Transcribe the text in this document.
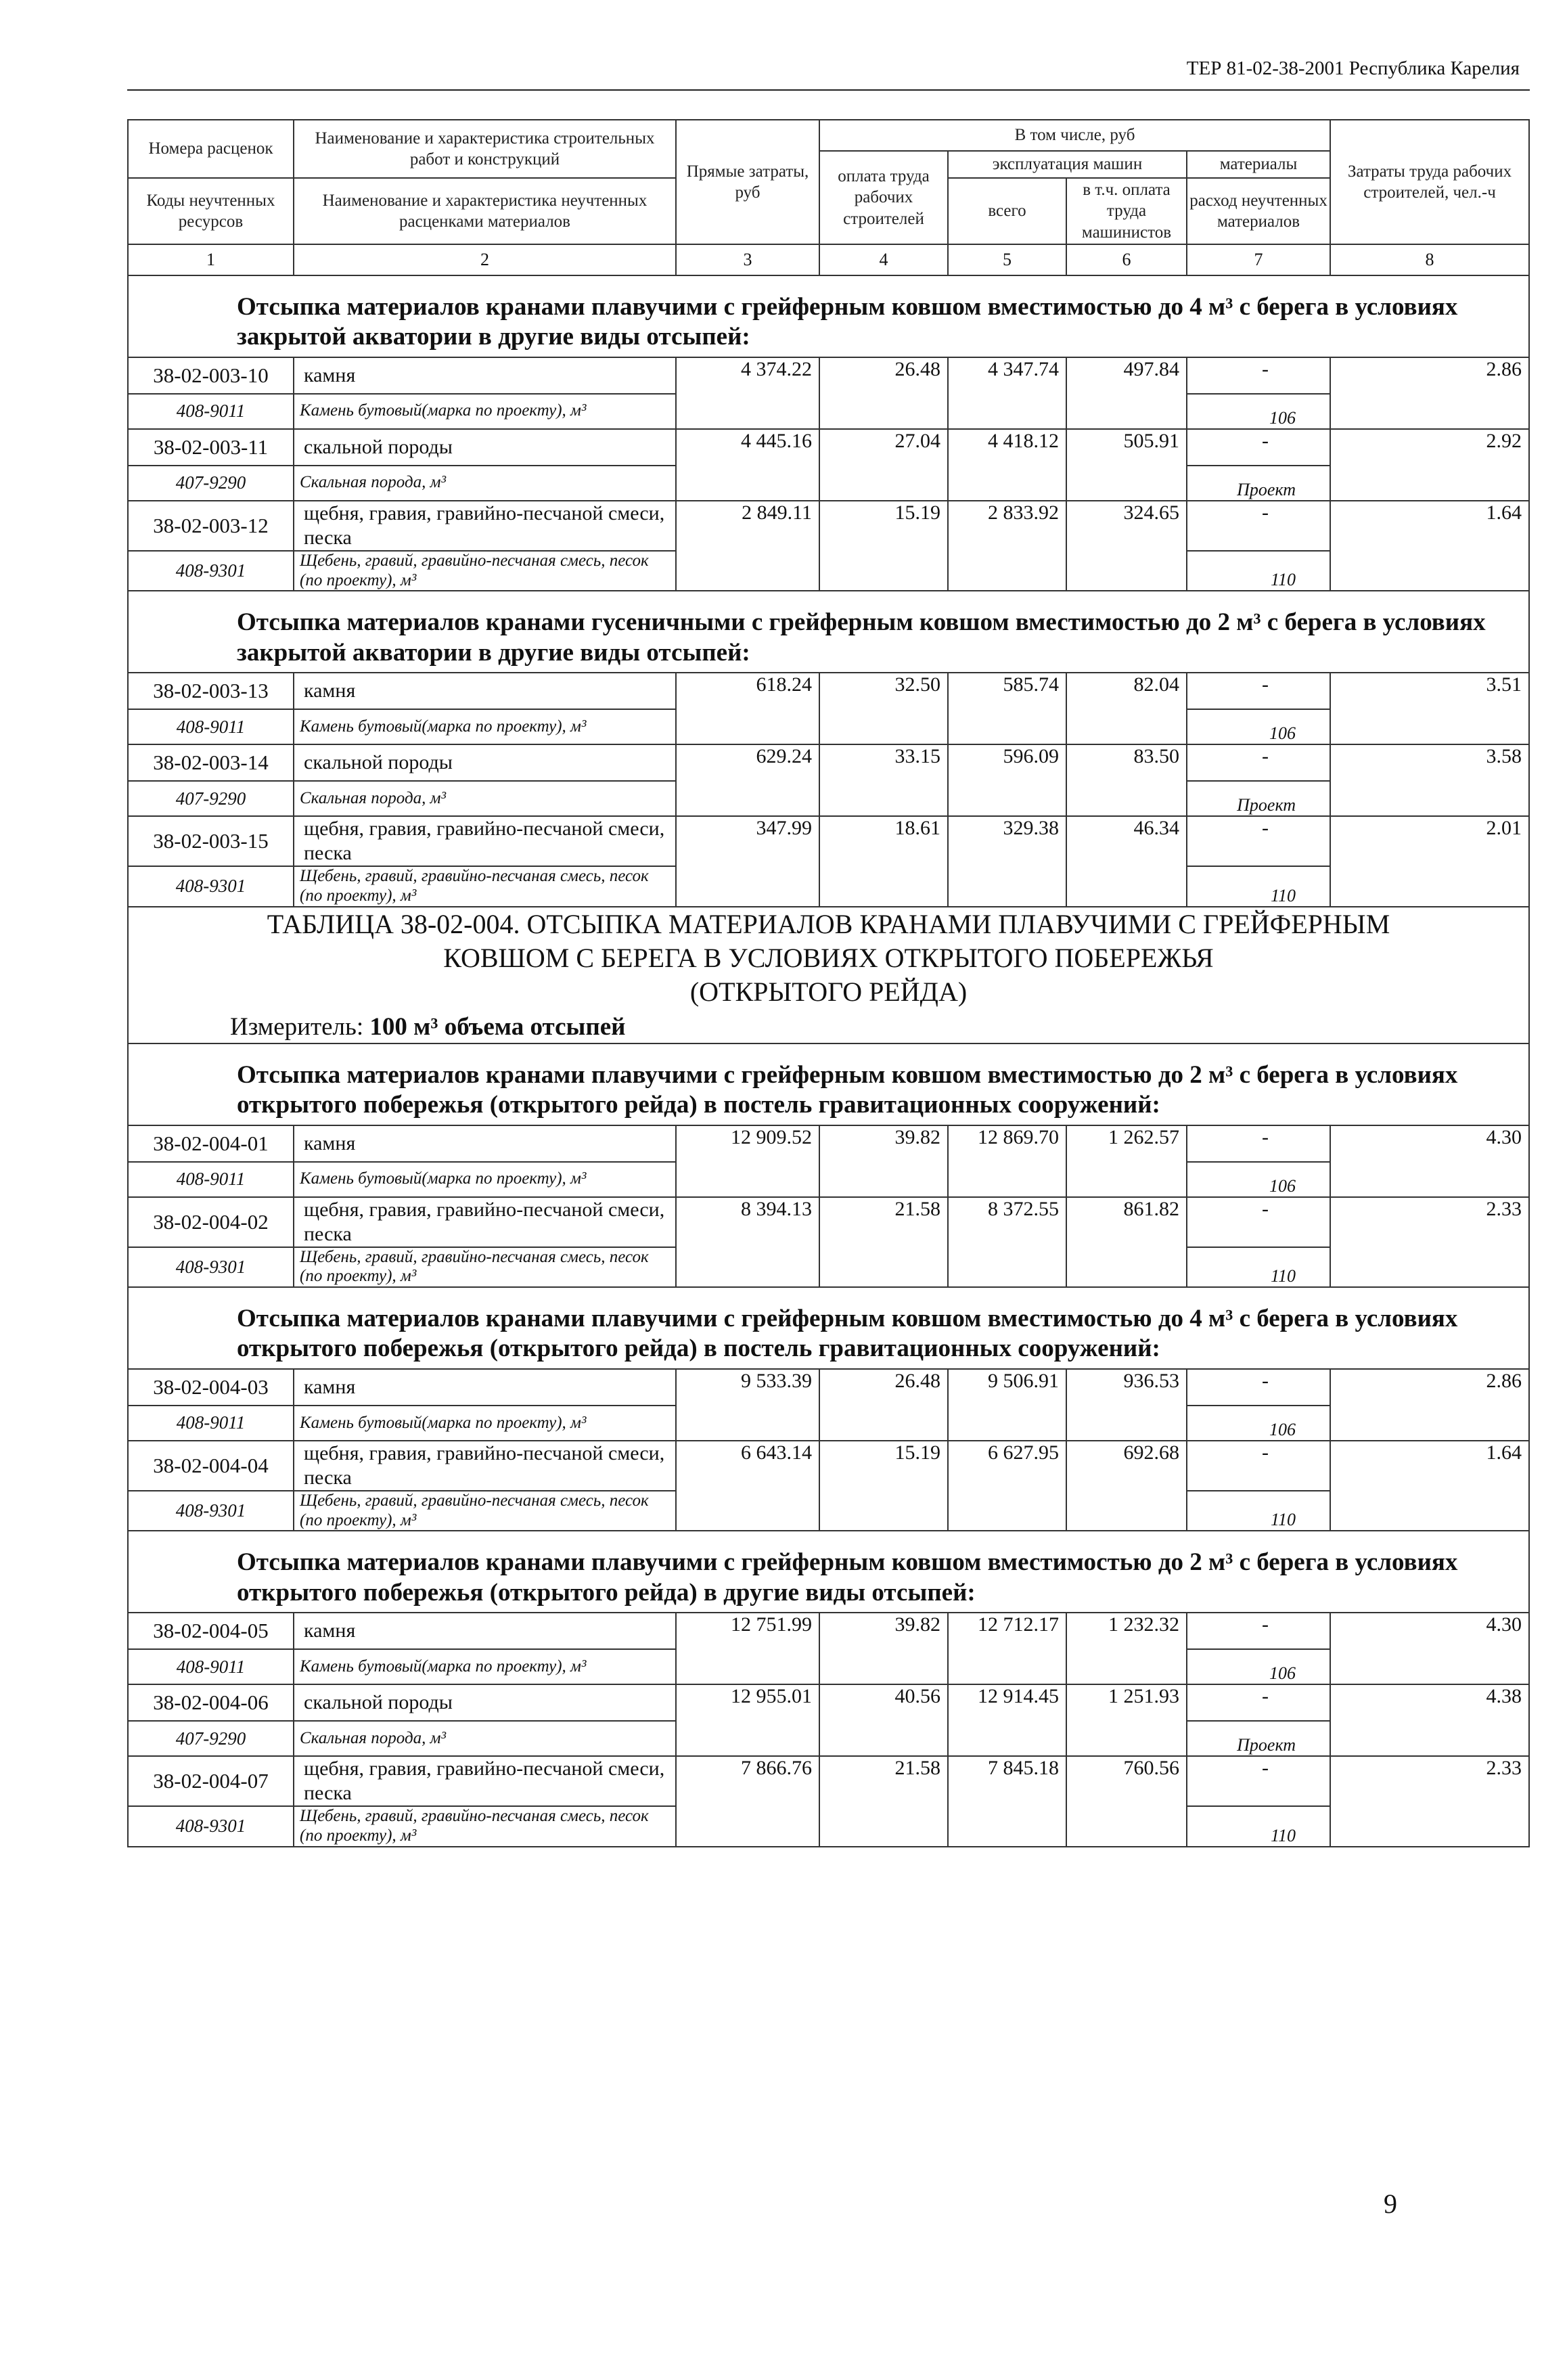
ТЕР 81-02-38-2001 Республика Карелия
Номера расценок	Наименование и характеристика строительных работ и конструкций	Прямые затраты, руб	В том числе, руб				Затраты труда рабочих строителей, чел.-ч
			оплата труда рабочих строителей	эксплуатация машин		материалы	
Коды неучтенных ресурсов	Наименование и характеристика неучтенных расценками материалов			всего	в т.ч. оплата труда машинистов	расход неучтенных материалов	

1	2	3	4	5	6	7	8
Отсыпка материалов кранами плавучими с грейферным ковшом вместимостью до 4 м³ с берега в условиях закрытой акватории в другие виды отсыпей:							
38-02-003-10	камня	4 374.22	26.48	4 347.74	497.84	-	2.86
408-9011	Камень бутовый(марка по проекту), м³					106	
38-02-003-11	скальной породы	4 445.16	27.04	4 418.12	505.91	-	2.92
407-9290	Скальная порода, м³					Проект	
38-02-003-12	щебня, гравия, гравийно-песчаной смеси, песка	2 849.11	15.19	2 833.92	324.65	-	1.64
408-9301	Щебень, гравий, гравийно-песчаная смесь, песок (по проекту), м³					110	
Отсыпка материалов кранами гусеничными с грейферным ковшом вместимостью до 2 м³ с берега в условиях закрытой акватории в другие виды отсыпей:							
38-02-003-13	камня	618.24	32.50	585.74	82.04	-	3.51
408-9011	Камень бутовый(марка по проекту), м³					106	
38-02-003-14	скальной породы	629.24	33.15	596.09	83.50	-	3.58
407-9290	Скальная порода, м³					Проект	
38-02-003-15	щебня, гравия, гравийно-песчаной смеси, песка	347.99	18.61	329.38	46.34	-	2.01
408-9301	Щебень, гравий, гравийно-песчаная смесь, песок (по проекту), м³					110	

ТАБЛИЦА 38-02-004. ОТСЫПКА МАТЕРИАЛОВ КРАНАМИ ПЛАВУЧИМИ С ГРЕЙФЕРНЫМ
КОВШОМ С БЕРЕГА В УСЛОВИЯХ ОТКРЫТОГО ПОБЕРЕЖЬЯ
(ОТКРЫТОГО РЕЙДА)
Измеритель: 100 м³ объема отсыпей							

Отсыпка материалов кранами плавучими с грейферным ковшом вместимостью до 2 м³ с берега в условиях открытого побережья (открытого рейда) в постель гравитационных сооружений:							
38-02-004-01	камня	12 909.52	39.82	12 869.70	1 262.57	-	4.30
408-9011	Камень бутовый(марка по проекту), м³					106	
38-02-004-02	щебня, гравия, гравийно-песчаной смеси, песка	8 394.13	21.58	8 372.55	861.82	-	2.33
408-9301	Щебень, гравий, гравийно-песчаная смесь, песок (по проекту), м³					110	
Отсыпка материалов кранами плавучими с грейферным ковшом вместимостью до 4 м³ с берега в условиях открытого побережья (открытого рейда) в постель гравитационных сооружений:							
38-02-004-03	камня	9 533.39	26.48	9 506.91	936.53	-	2.86
408-9011	Камень бутовый(марка по проекту), м³					106	
38-02-004-04	щебня, гравия, гравийно-песчаной смеси, песка	6 643.14	15.19	6 627.95	692.68	-	1.64
408-9301	Щебень, гравий, гравийно-песчаная смесь, песок (по проекту), м³					110	
Отсыпка материалов кранами плавучими с грейферным ковшом вместимостью до 2 м³ с берега в условиях открытого побережья (открытого рейда) в другие виды отсыпей:							
38-02-004-05	камня	12 751.99	39.82	12 712.17	1 232.32	-	4.30
408-9011	Камень бутовый(марка по проекту), м³					106	
38-02-004-06	скальной породы	12 955.01	40.56	12 914.45	1 251.93	-	4.38
407-9290	Скальная порода, м³					Проект	
38-02-004-07	щебня, гравия, гравийно-песчаной смеси, песка	7 866.76	21.58	7 845.18	760.56	-	2.33
408-9301	Щебень, гравий, гравийно-песчаная смесь, песок (по проекту), м³					110	
9
